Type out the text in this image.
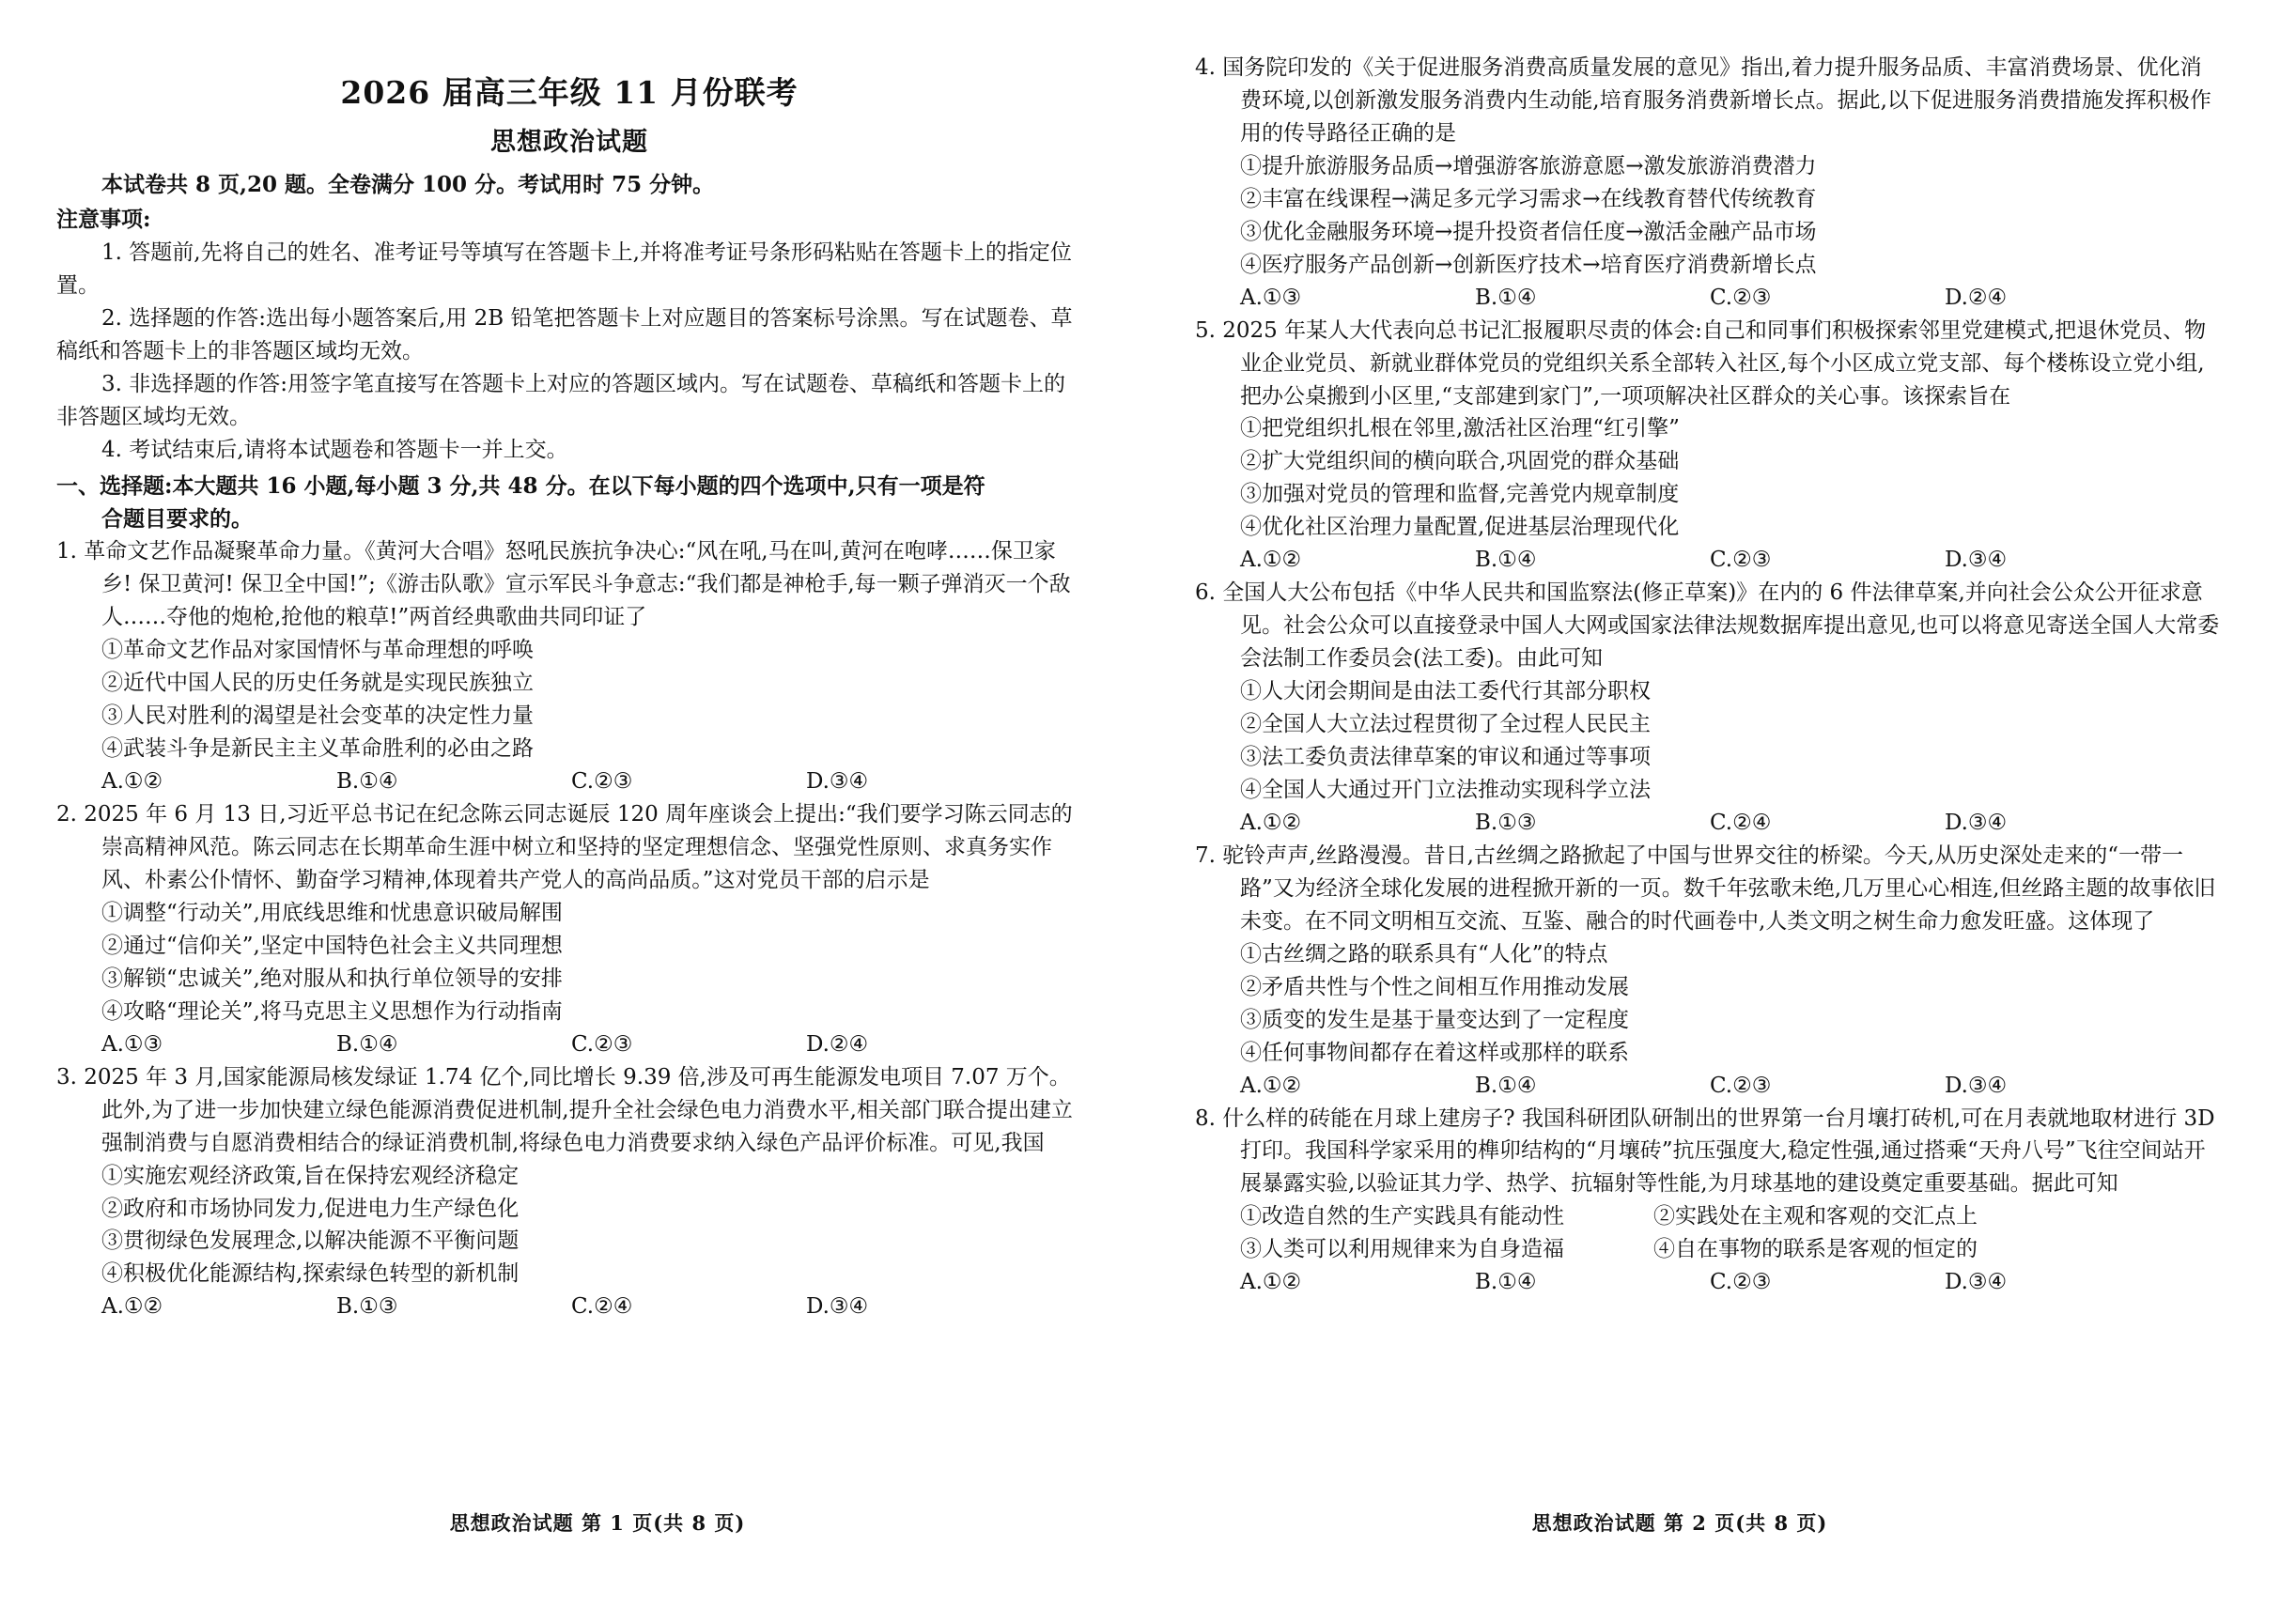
2026 届高三年级 11 月份联考
思想政治试题

本试卷共 8 页,20 题。全卷满分 100 分。考试用时 75 分钟。

注意事项:

1. 答题前,先将自己的姓名、准考证号等填写在答题卡上,并将准考证号条形码粘贴在答题卡上的指定位置。

2. 选择题的作答:选出每小题答案后,用 2B 铅笔把答题卡上对应题目的答案标号涂黑。写在试题卷、草稿纸和答题卡上的非答题区域均无效。

3. 非选择题的作答:用签字笔直接写在答题卡上对应的答题区域内。写在试题卷、草稿纸和答题卡上的非答题区域均无效。

4. 考试结束后,请将本试题卷和答题卡一并上交。

一、选择题:本大题共 16 小题,每小题 3 分,共 48 分。在以下每小题的四个选项中,只有一项是符

合题目要求的。

1. 革命文艺作品凝聚革命力量。《黄河大合唱》怒吼民族抗争决心:“风在吼,马在叫,黄河在咆哮……保卫家乡! 保卫黄河! 保卫全中国!”;《游击队歌》宣示军民斗争意志:“我们都是神枪手,每一颗子弹消灭一个敌人……夺他的炮枪,抢他的粮草!”两首经典歌曲共同印证了

①革命文艺作品对家国情怀与革命理想的呼唤

②近代中国人民的历史任务就是实现民族独立

③人民对胜利的渴望是社会变革的决定性力量

④武装斗争是新民主主义革命胜利的必由之路

A.①②	B.①④	C.②③	D.③④

2. 2025 年 6 月 13 日,习近平总书记在纪念陈云同志诞辰 120 周年座谈会上提出:“我们要学习陈云同志的崇高精神风范。陈云同志在长期革命生涯中树立和坚持的坚定理想信念、坚强党性原则、求真务实作风、朴素公仆情怀、勤奋学习精神,体现着共产党人的高尚品质。”这对党员干部的启示是

①调整“行动关”,用底线思维和忧患意识破局解围

②通过“信仰关”,坚定中国特色社会主义共同理想

③解锁“忠诚关”,绝对服从和执行单位领导的安排

④攻略“理论关”,将马克思主义思想作为行动指南

A.①③	B.①④	C.②③	D.②④

3. 2025 年 3 月,国家能源局核发绿证 1.74 亿个,同比增长 9.39 倍,涉及可再生能源发电项目 7.07 万个。此外,为了进一步加快建立绿色能源消费促进机制,提升全社会绿色电力消费水平,相关部门联合提出建立强制消费与自愿消费相结合的绿证消费机制,将绿色电力消费要求纳入绿色产品评价标准。可见,我国

①实施宏观经济政策,旨在保持宏观经济稳定

②政府和市场协同发力,促进电力生产绿色化

③贯彻绿色发展理念,以解决能源不平衡问题

④积极优化能源结构,探索绿色转型的新机制

A.①②	B.①③	C.②④	D.③④

思想政治试题 第 1 页(共 8 页)

4. 国务院印发的《关于促进服务消费高质量发展的意见》指出,着力提升服务品质、丰富消费场景、优化消费环境,以创新激发服务消费内生动能,培育服务消费新增长点。据此,以下促进服务消费措施发挥积极作用的传导路径正确的是

①提升旅游服务品质→增强游客旅游意愿→激发旅游消费潜力

②丰富在线课程→满足多元学习需求→在线教育替代传统教育

③优化金融服务环境→提升投资者信任度→激活金融产品市场

④医疗服务产品创新→创新医疗技术→培育医疗消费新增长点

A.①③	B.①④	C.②③	D.②④

5. 2025 年某人大代表向总书记汇报履职尽责的体会:自己和同事们积极探索邻里党建模式,把退休党员、物业企业党员、新就业群体党员的党组织关系全部转入社区,每个小区成立党支部、每个楼栋设立党小组,把办公桌搬到小区里,“支部建到家门”,一项项解决社区群众的关心事。该探索旨在

①把党组织扎根在邻里,激活社区治理“红引擎”

②扩大党组织间的横向联合,巩固党的群众基础

③加强对党员的管理和监督,完善党内规章制度

④优化社区治理力量配置,促进基层治理现代化

A.①②	B.①④	C.②③	D.③④

6. 全国人大公布包括《中华人民共和国监察法(修正草案)》在内的 6 件法律草案,并向社会公众公开征求意见。社会公众可以直接登录中国人大网或国家法律法规数据库提出意见,也可以将意见寄送全国人大常委会法制工作委员会(法工委)。由此可知

①人大闭会期间是由法工委代行其部分职权

②全国人大立法过程贯彻了全过程人民民主

③法工委负责法律草案的审议和通过等事项

④全国人大通过开门立法推动实现科学立法

A.①②	B.①③	C.②④	D.③④

7. 驼铃声声,丝路漫漫。昔日,古丝绸之路掀起了中国与世界交往的桥梁。今天,从历史深处走来的“一带一路”又为经济全球化发展的进程掀开新的一页。数千年弦歌未绝,几万里心心相连,但丝路主题的故事依旧未变。在不同文明相互交流、互鉴、融合的时代画卷中,人类文明之树生命力愈发旺盛。这体现了

①古丝绸之路的联系具有“人化”的特点

②矛盾共性与个性之间相互作用推动发展

③质变的发生是基于量变达到了一定程度

④任何事物间都存在着这样或那样的联系

A.①②	B.①④	C.②③	D.③④

8. 什么样的砖能在月球上建房子? 我国科研团队研制出的世界第一台月壤打砖机,可在月表就地取材进行 3D 打印。我国科学家采用的榫卯结构的“月壤砖”抗压强度大,稳定性强,通过搭乘“天舟八号”飞往空间站开展暴露实验,以验证其力学、热学、抗辐射等性能,为月球基地的建设奠定重要基础。据此可知

①改造自然的生产实践具有能动性	②实践处在主观和客观的交汇点上

③人类可以利用规律来为自身造福	④自在事物的联系是客观的恒定的

A.①②	B.①④	C.②③	D.③④

思想政治试题 第 2 页(共 8 页)
